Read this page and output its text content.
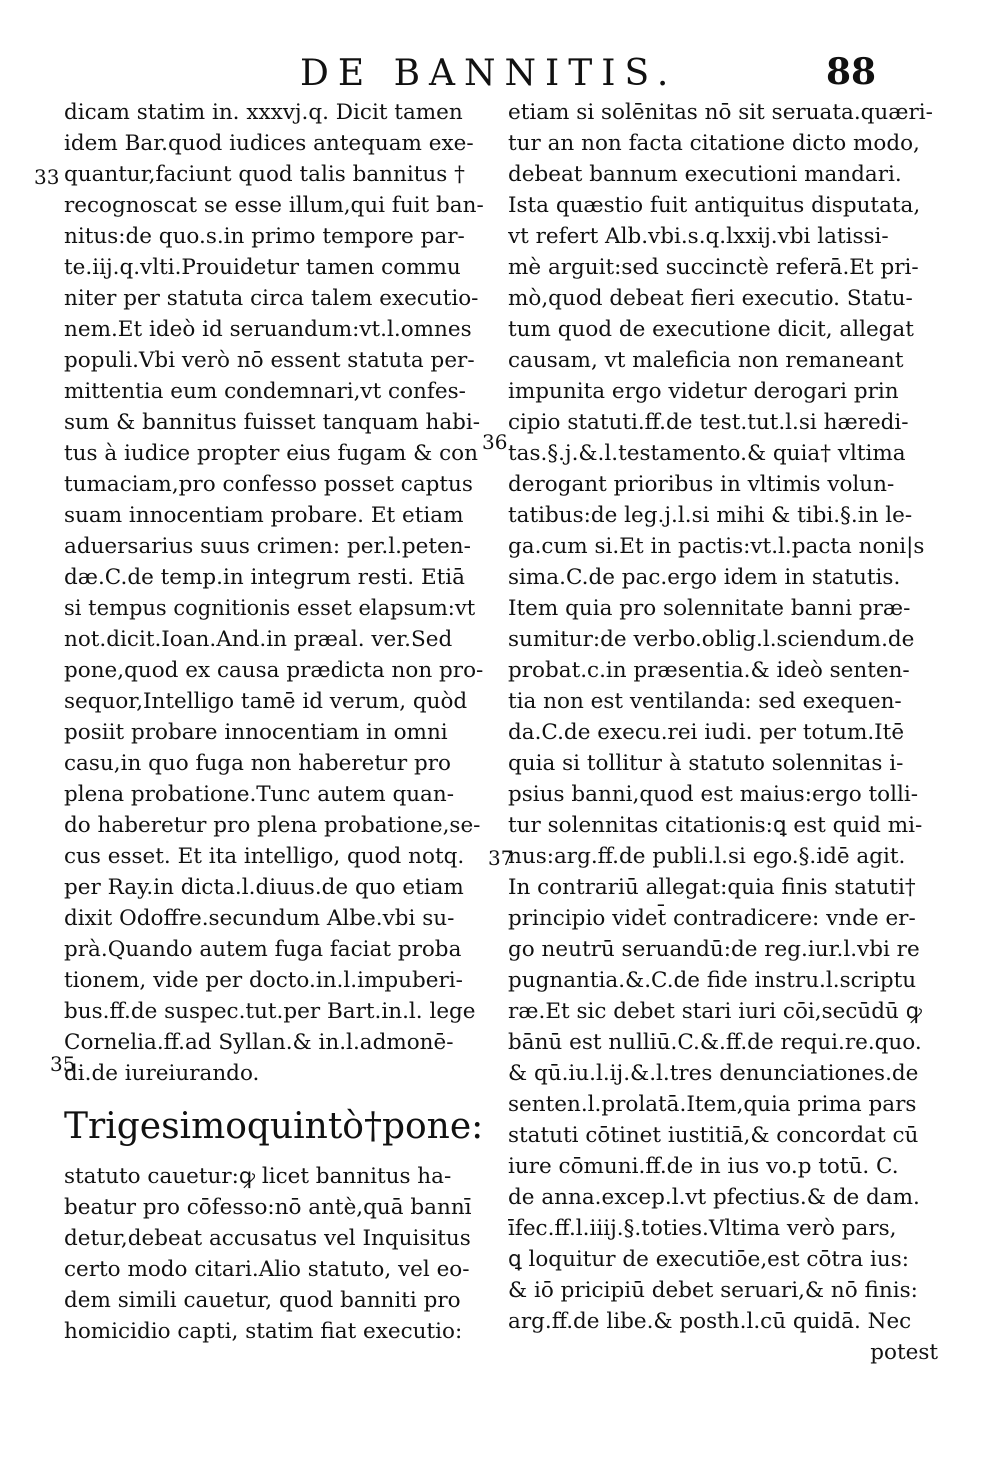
DE BANNITIS.	88
33
35
36
37
dicam statim in. xxxvj.q. Dicit tamen
idem Bar.quod iudices antequam exe-
quantur,faciunt quod talis bannitus †
recognoscat se esse illum,qui fuit ban-
nitus:de quo.s.in primo tempore par-
te.iij.q.vlti.Prouidetur tamen commu
niter per statuta circa talem executio-
nem.Et ideò id seruandum:vt.l.omnes
populi.Vbi verò nō essent statuta per-
mittentia eum condemnari,vt confes-
sum & bannitus fuisset tanquam habi-
tus à iudice propter eius fugam & con
tumaciam,pro confesso posset captus
suam innocentiam probare. Et etiam
aduersarius suus crimen: per.l.peten-
dæ.C.de temp.in integrum resti. Etiā
si tempus cognitionis esset elapsum:vt
not.dicit.Ioan.And.in præal. ver.Sed
pone,quod ex causa prædicta non pro-
sequor,Intelligo tamē id verum, quòd
posiit probare innocentiam in omni
casu,in quo fuga non haberetur pro
plena probatione.Tunc autem quan-
do haberetur pro plena probatione,se-
cus esset. Et ita intelligo, quod notq.
per Ray.in dicta.l.diuus.de quo etiam
dixit Odoffre.secundum Albe.vbi su-
prà.Quando autem fuga faciat proba
tionem, vide per docto.in.l.impuberi-
bus.ff.de suspec.tut.per Bart.in.l. lege
Cornelia.ff.ad Syllan.& in.l.admonē-
di.de iureiurando.
Trigesimoquintò†pone:
statuto cauetur:ꝙ licet bannitus ha-
beatur pro cōfesso:nō antè,quā bannī
detur,debeat accusatus vel Inquisitus
certo modo citari.Alio statuto, vel eo-
dem simili cauetur, quod banniti pro
homicidio capti, statim fiat executio:
etiam si solēnitas nō sit seruata.quæri-
tur an non facta citatione dicto modo,
debeat bannum executioni mandari.
Ista quæstio fuit antiquitus disputata,
vt refert Alb.vbi.s.q.lxxij.vbi latissi-
mè arguit:sed succinctè referā.Et pri-
mò,quod debeat fieri executio. Statu-
tum quod de executione dicit, allegat
causam, vt maleficia non remaneant
impunita ergo videtur derogari prin
cipio statuti.ff.de test.tut.l.si hæredi-
tas.§.j.&.l.testamento.& quia† vltima
derogant prioribus in vltimis volun-
tatibus:de leg.j.l.si mihi & tibi.§.in le-
ga.cum si.Et in pactis:vt.l.pacta noni|s
sima.C.de pac.ergo idem in statutis.
Item quia pro solennitate banni præ-
sumitur:de verbo.oblig.l.sciendum.de
probat.c.in præsentia.& ideò senten-
tia non est ventilanda: sed exequen-
da.C.de execu.rei iudi. per totum.Itē
quia si tollitur à statuto solennitas i-
psius banni,quod est maius:ergo tolli-
tur solennitas citationis:ꝗ est quid mi-
nus:arg.ff.de publi.l.si ego.§.idē agit.
In contrariū allegat:quia finis statuti†
principio videt̄ contradicere: vnde er-
go neutrū seruandū:de reg.iur.l.vbi re
pugnantia.&.C.de fide instru.l.scriptu
ræ.Et sic debet stari iuri cōi,secūdū ꝙ
bānū est nulliū.C.&.ff.de requi.re.quo.
& qū.iu.l.ij.&.l.tres denunciationes.de
senten.l.prolatā.Item,quia prima pars
statuti cōtinet iustitiā,& concordat cū
iure cōmuni.ff.de in ius vo.p totū. C.
de anna.excep.l.vt pfectius.& de dam.
īfec.ff.l.iiij.§.toties.Vltima verò pars,
ꝗ loquitur de executiōe,est cōtra ius:
& iō pricipiū debet seruari,& nō finis:
arg.ff.de libe.& posth.l.cū quidā. Nec
potest
